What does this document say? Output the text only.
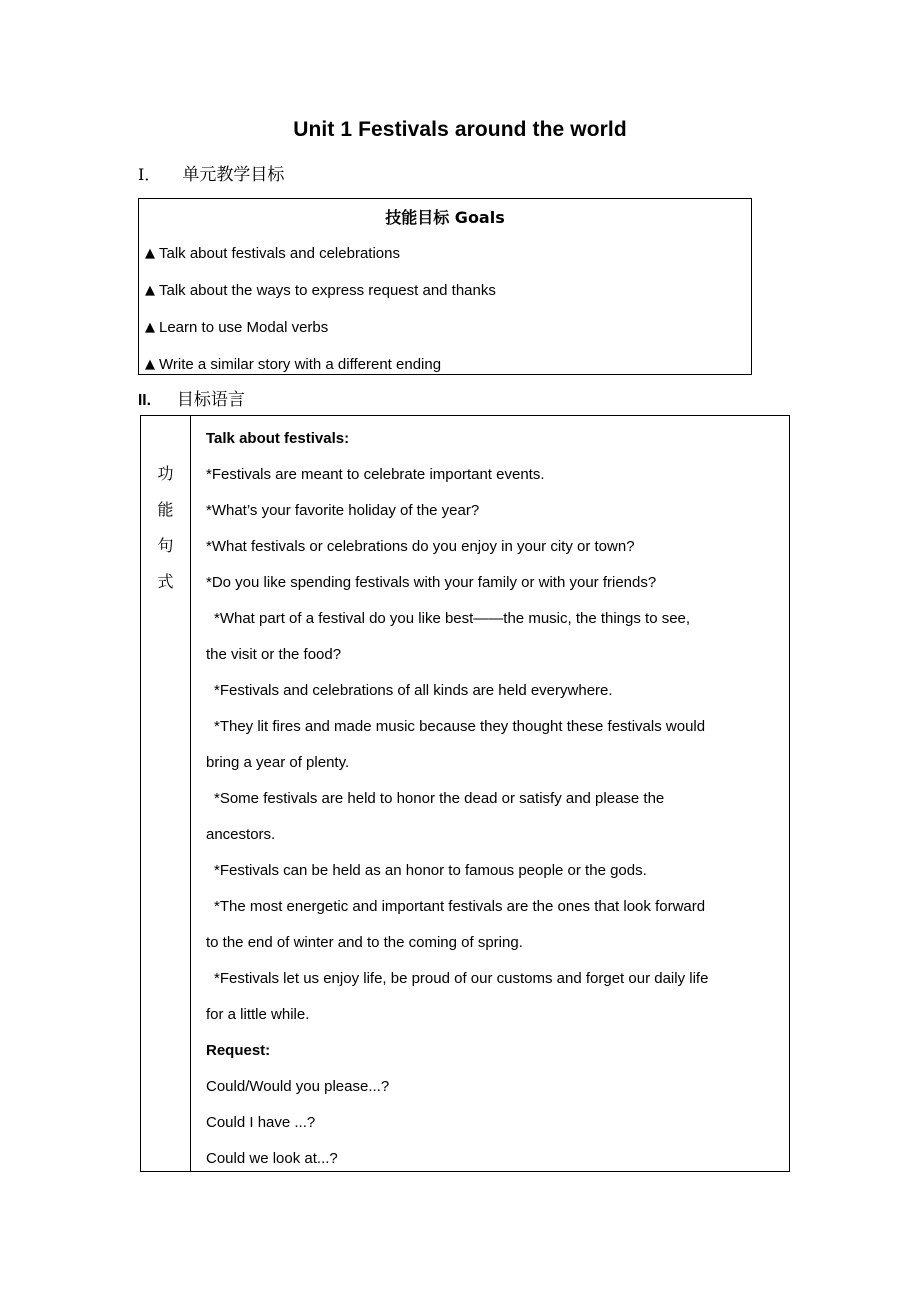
Unit 1 Festivals around the world
Ⅰ． 单元教学目标
技能目标 Goals
▲ Talk about festivals and celebrations
▲ Talk about the ways to express request and thanks
▲ Learn to use Modal verbs
▲ Write a similar story with a different ending
II. 目标语言
功
能
句
式
Talk about festivals:
*Festivals are meant to celebrate important events.
*What’s your favorite holiday of the year?
*What festivals or celebrations do you enjoy in your city or town?
*Do you like spending festivals with your family or with your friends?
*What part of a festival do you like best——the music, the things to see,
the visit or the food?
*Festivals and celebrations of all kinds are held everywhere.
*They lit fires and made music because they thought these festivals would
bring a year of plenty.
*Some festivals are held to honor the dead or satisfy and please the
ancestors.
*Festivals can be held as an honor to famous people or the gods.
*The most energetic and important festivals are the ones that look forward
to the end of winter and to the coming of spring.
*Festivals let us enjoy life, be proud of our customs and forget our daily life
for a little while.
Request:
Could/Would you please...?
Could I have ...?
Could we look at...?
